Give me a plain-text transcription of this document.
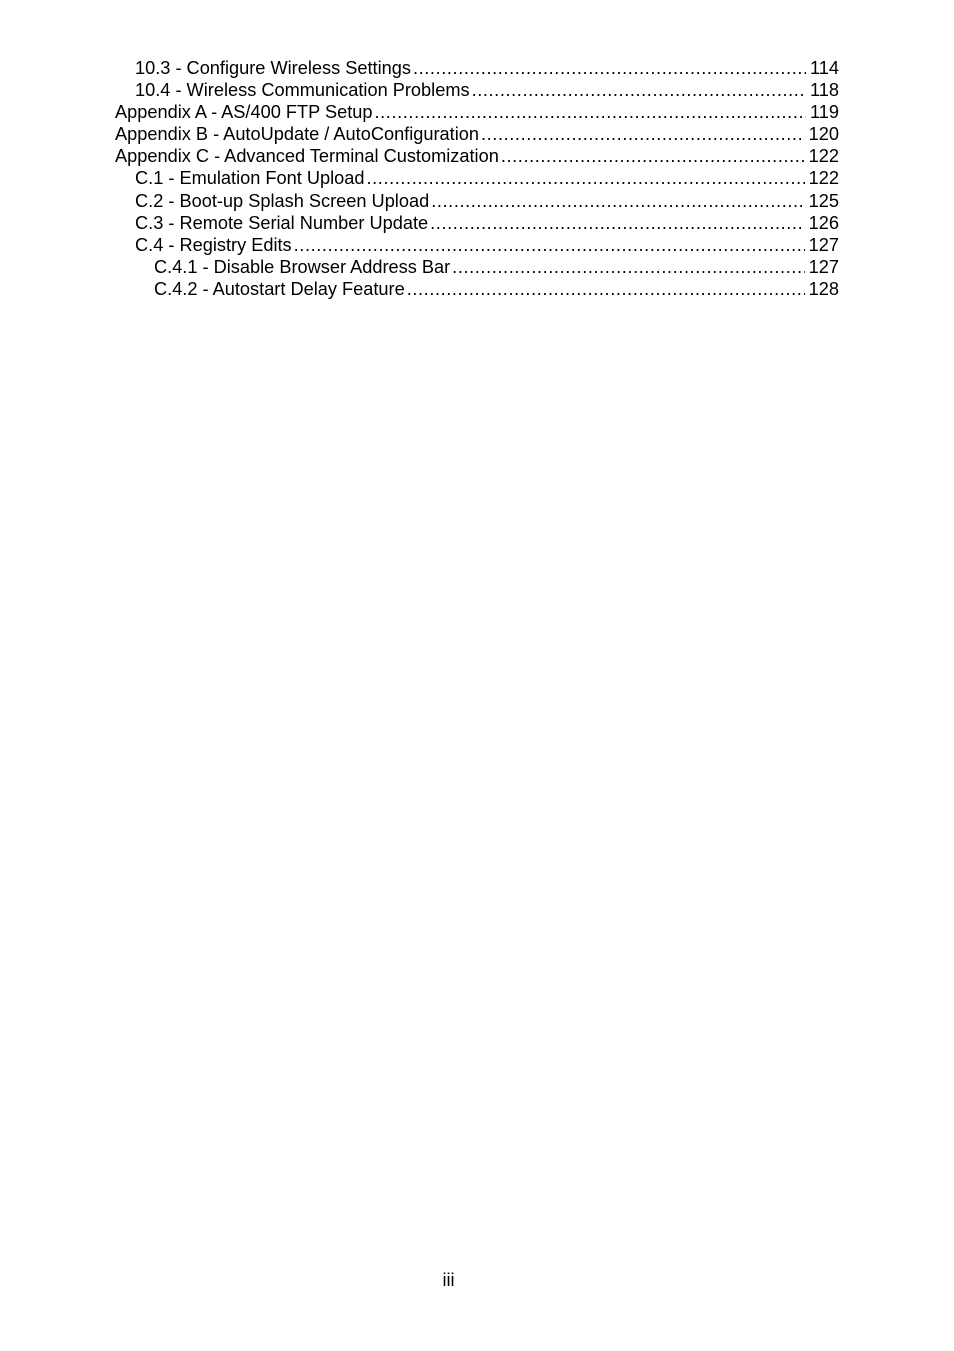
10.3 - Configure Wireless Settings .....	114
10.4 - Wireless Communication Problems .....	118
Appendix A - AS/400 FTP Setup .....	119
Appendix B - AutoUpdate / AutoConfiguration .....	120
Appendix C - Advanced Terminal Customization .....	122
C.1 - Emulation Font Upload .....	122
C.2 - Boot-up Splash Screen Upload .....	125
C.3 - Remote Serial Number Update .....	126
C.4 - Registry Edits .....	127
C.4.1 - Disable Browser Address Bar .....	127
C.4.2 - Autostart Delay Feature .....	128
iii
